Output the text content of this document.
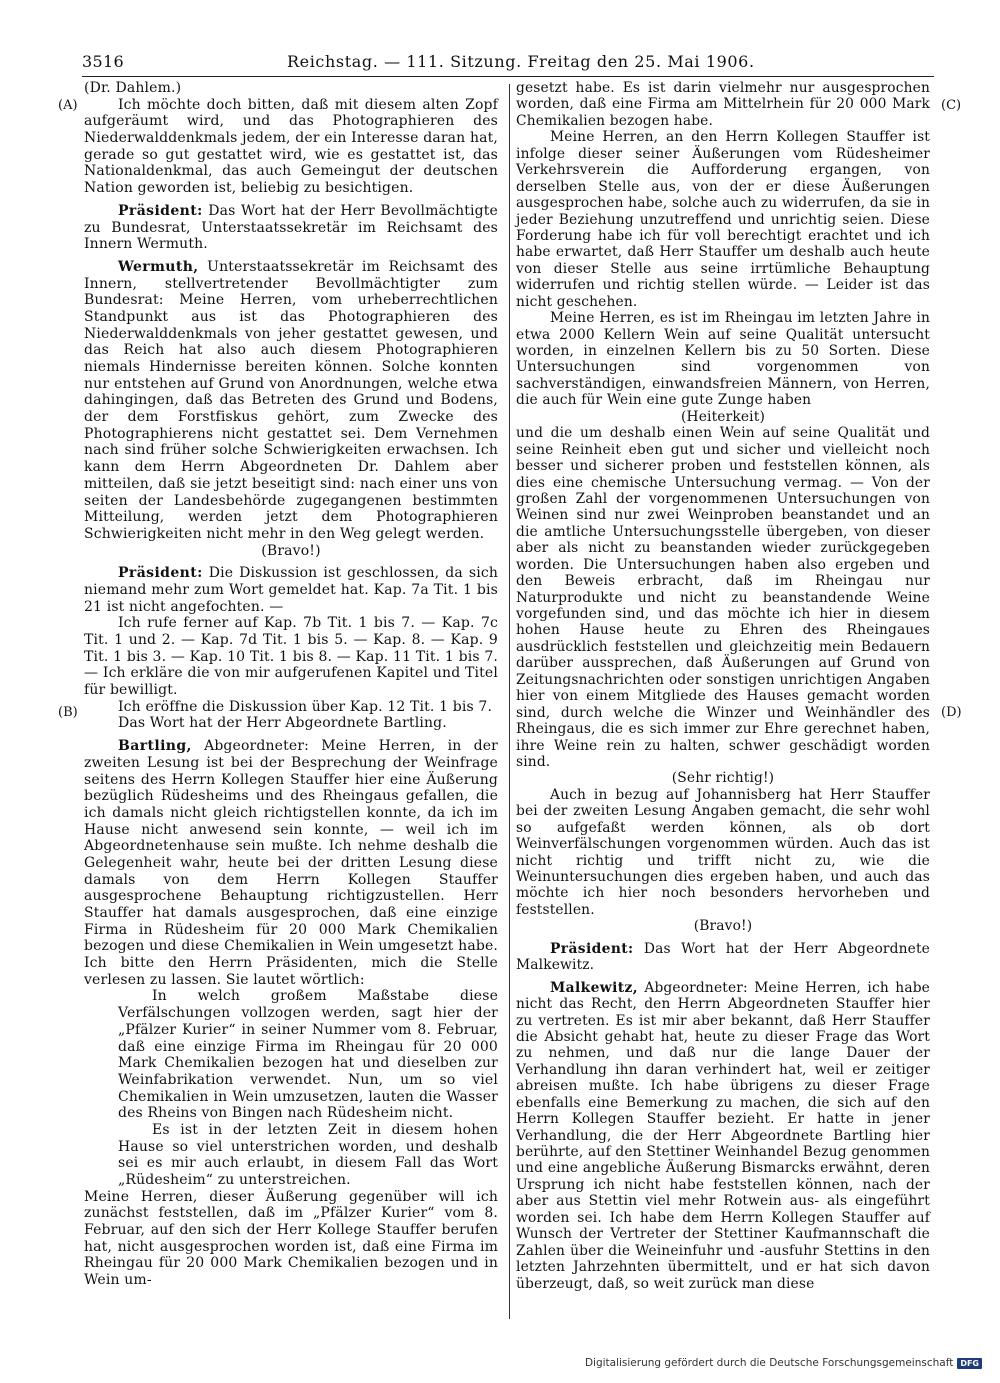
3516	Reichstag. — 111. Sitzung. Freitag den 25. Mai 1906.
(A)
(B)
(C)
(D)

(Dr. Dahlem.)

Ich möchte doch bitten, daß mit diesem alten Zopf aufgeräumt wird, und das Photographieren des Niederwalddenkmals jedem, der ein Interesse daran hat, gerade so gut gestattet wird, wie es gestattet ist, das Nationaldenkmal, das auch Gemeingut der deutschen Nation geworden ist, beliebig zu besichtigen.

Präsident: Das Wort hat der Herr Bevollmächtigte zu Bundesrat, Unterstaatssekretär im Reichsamt des Innern Wermuth.

Wermuth, Unterstaatssekretär im Reichsamt des Innern, stellvertretender Bevollmächtigter zum Bundesrat: Meine Herren, vom urheberrechtlichen Standpunkt aus ist das Photographieren des Niederwalddenkmals von jeher gestattet gewesen, und das Reich hat also auch diesem Photographieren niemals Hindernisse bereiten können. Solche konnten nur entstehen auf Grund von Anordnungen, welche etwa dahingingen, daß das Betreten des Grund und Bodens, der dem Forstfiskus gehört, zum Zwecke des Photographierens nicht gestattet sei. Dem Vernehmen nach sind früher solche Schwierigkeiten erwachsen. Ich kann dem Herrn Abgeordneten Dr. Dahlem aber mitteilen, daß sie jetzt beseitigt sind: nach einer uns von seiten der Landesbehörde zugegangenen bestimmten Mitteilung, werden jetzt dem Photographieren Schwierigkeiten nicht mehr in den Weg gelegt werden.

(Bravo!)

Präsident: Die Diskussion ist geschlossen, da sich niemand mehr zum Wort gemeldet hat. Kap. 7a Tit. 1 bis 21 ist nicht angefochten. —

Ich rufe ferner auf Kap. 7b Tit. 1 bis 7. — Kap. 7c Tit. 1 und 2. — Kap. 7d Tit. 1 bis 5. — Kap. 8. — Kap. 9 Tit. 1 bis 3. — Kap. 10 Tit. 1 bis 8. — Kap. 11 Tit. 1 bis 7. — Ich erkläre die von mir aufgerufenen Kapitel und Titel für bewilligt.

Ich eröffne die Diskussion über Kap. 12 Tit. 1 bis 7.

Das Wort hat der Herr Abgeordnete Bartling.

Bartling, Abgeordneter: Meine Herren, in der zweiten Lesung ist bei der Besprechung der Weinfrage seitens des Herrn Kollegen Stauffer hier eine Äußerung bezüglich Rüdesheims und des Rheingaus gefallen, die ich damals nicht gleich richtigstellen konnte, da ich im Hause nicht anwesend sein konnte, — weil ich im Abgeordnetenhause sein mußte. Ich nehme deshalb die Gelegenheit wahr, heute bei der dritten Lesung diese damals von dem Herrn Kollegen Stauffer ausgesprochene Behauptung richtigzustellen. Herr Stauffer hat damals ausgesprochen, daß eine einzige Firma in Rüdesheim für 20 000 Mark Chemikalien bezogen und diese Chemikalien in Wein umgesetzt habe. Ich bitte den Herrn Präsidenten, mich die Stelle verlesen zu lassen. Sie lautet wörtlich:

In welch großem Maßstabe diese Verfälschungen vollzogen werden, sagt hier der „Pfälzer Kurier“ in seiner Nummer vom 8. Februar, daß eine einzige Firma im Rheingau für 20 000 Mark Chemikalien bezogen hat und dieselben zur Weinfabrikation verwendet. Nun, um so viel Chemikalien in Wein umzusetzen, lauten die Wasser des Rheins von Bingen nach Rüdesheim nicht.

Es ist in der letzten Zeit in diesem hohen Hause so viel unterstrichen worden, und deshalb sei es mir auch erlaubt, in diesem Fall das Wort „Rüdesheim“ zu unterstreichen.

Meine Herren, dieser Äußerung gegenüber will ich zunächst feststellen, daß im „Pfälzer Kurier“ vom 8. Februar, auf den sich der Herr Kollege Stauffer berufen hat, nicht ausgesprochen worden ist, daß eine Firma im Rheingau für 20 000 Mark Chemikalien bezogen und in Wein um-

gesetzt habe. Es ist darin vielmehr nur ausgesprochen worden, daß eine Firma am Mittelrhein für 20 000 Mark Chemikalien bezogen habe.

Meine Herren, an den Herrn Kollegen Stauffer ist infolge dieser seiner Äußerungen vom Rüdesheimer Verkehrsverein die Aufforderung ergangen, von derselben Stelle aus, von der er diese Äußerungen ausgesprochen habe, solche auch zu widerrufen, da sie in jeder Beziehung unzutreffend und unrichtig seien. Diese Forderung habe ich für voll berechtigt erachtet und ich habe erwartet, daß Herr Stauffer um deshalb auch heute von dieser Stelle aus seine irrtümliche Behauptung widerrufen und richtig stellen würde. — Leider ist das nicht geschehen.

Meine Herren, es ist im Rheingau im letzten Jahre in etwa 2000 Kellern Wein auf seine Qualität untersucht worden, in einzelnen Kellern bis zu 50 Sorten. Diese Untersuchungen sind vorgenommen von sachverständigen, einwandsfreien Männern, von Herren, die auch für Wein eine gute Zunge haben

(Heiterkeit)

und die um deshalb einen Wein auf seine Qualität und seine Reinheit eben gut und sicher und vielleicht noch besser und sicherer proben und feststellen können, als dies eine chemische Untersuchung vermag. — Von der großen Zahl der vorgenommenen Untersuchungen von Weinen sind nur zwei Weinproben beanstandet und an die amtliche Untersuchungsstelle übergeben, von dieser aber als nicht zu beanstanden wieder zurückgegeben worden. Die Untersuchungen haben also ergeben und den Beweis erbracht, daß im Rheingau nur Naturprodukte und nicht zu beanstandende Weine vorgefunden sind, und das möchte ich hier in diesem hohen Hause heute zu Ehren des Rheingaues ausdrücklich feststellen und gleichzeitig mein Bedauern darüber aussprechen, daß Äußerungen auf Grund von Zeitungsnachrichten oder sonstigen unrichtigen Angaben hier von einem Mitgliede des Hauses gemacht worden sind, durch welche die Winzer und Weinhändler des Rheingaus, die es sich immer zur Ehre gerechnet haben, ihre Weine rein zu halten, schwer geschädigt worden sind.

(Sehr richtig!)

Auch in bezug auf Johannisberg hat Herr Stauffer bei der zweiten Lesung Angaben gemacht, die sehr wohl so aufgefaßt werden können, als ob dort Weinverfälschungen vorgenommen würden. Auch das ist nicht richtig und trifft nicht zu, wie die Weinuntersuchungen dies ergeben haben, und auch das möchte ich hier noch besonders hervorheben und feststellen.

(Bravo!)

Präsident: Das Wort hat der Herr Abgeordnete Malkewitz.

Malkewitz, Abgeordneter: Meine Herren, ich habe nicht das Recht, den Herrn Abgeordneten Stauffer hier zu vertreten. Es ist mir aber bekannt, daß Herr Stauffer die Absicht gehabt hat, heute zu dieser Frage das Wort zu nehmen, und daß nur die lange Dauer der Verhandlung ihn daran verhindert hat, weil er zeitiger abreisen mußte. Ich habe übrigens zu dieser Frage ebenfalls eine Bemerkung zu machen, die sich auf den Herrn Kollegen Stauffer bezieht. Er hatte in jener Verhandlung, die der Herr Abgeordnete Bartling hier berührte, auf den Stettiner Weinhandel Bezug genommen und eine angebliche Äußerung Bismarcks erwähnt, deren Ursprung ich nicht habe feststellen können, nach der aber aus Stettin viel mehr Rotwein aus- als eingeführt worden sei. Ich habe dem Herrn Kollegen Stauffer auf Wunsch der Vertreter der Stettiner Kaufmannschaft die Zahlen über die Weineinfuhr und -ausfuhr Stettins in den letzten Jahrzehnten übermittelt, und er hat sich davon überzeugt, daß, so weit zurück man diese

Digitalisierung gefördert durch die Deutsche Forschungsgemeinschaft DFG
